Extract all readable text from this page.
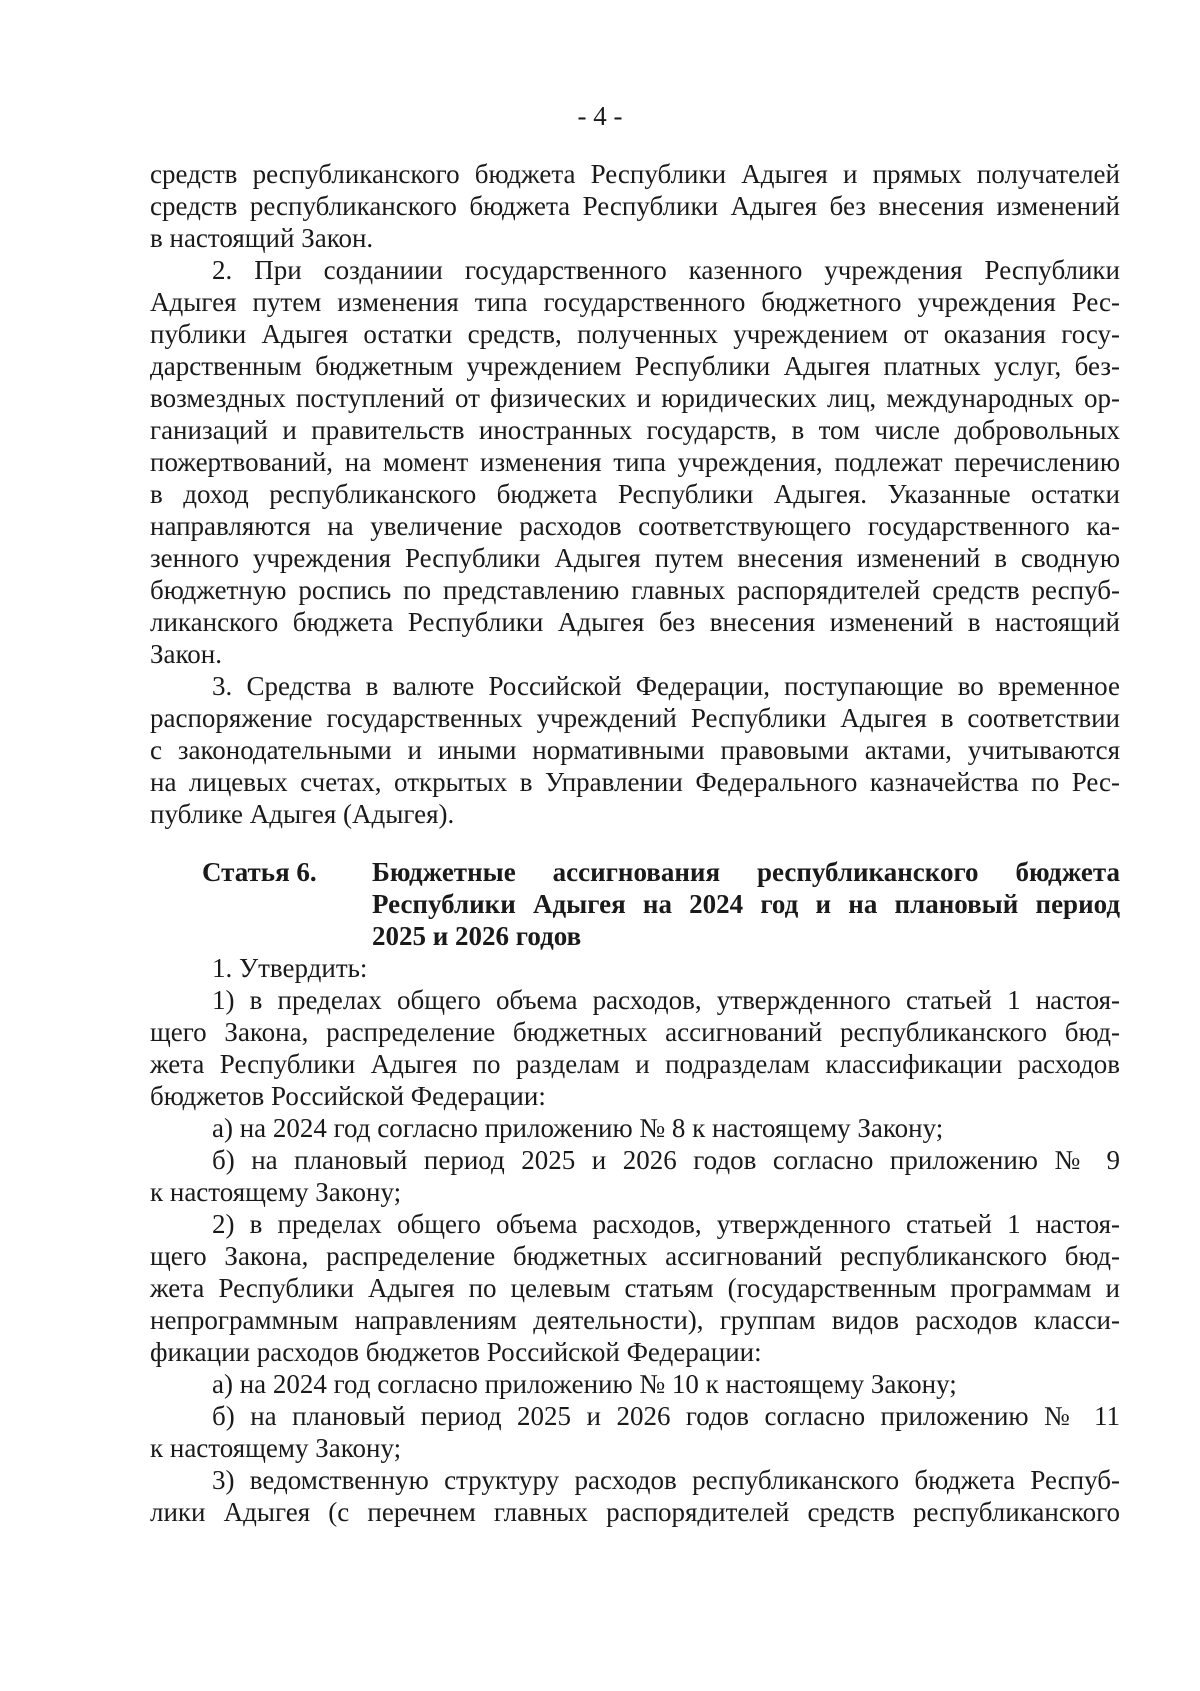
- 4 -
средств республиканского бюджета Республики Адыгея и прямых получателей
средств республиканского бюджета Республики Адыгея без внесения изменений
в настоящий Закон.
2. При созданиии государственного казенного учреждения Республики
Адыгея путем изменения типа государственного бюджетного учреждения Рес-
публики Адыгея остатки средств, полученных учреждением от оказания госу-
дарственным бюджетным учреждением Республики Адыгея платных услуг, без-
возмездных поступлений от физических и юридических лиц, международных ор-
ганизаций и правительств иностранных государств, в том числе добровольных
пожертвований, на момент изменения типа учреждения, подлежат перечислению
в доход республиканского бюджета Республики Адыгея. Указанные остатки
направляются на увеличение расходов соответствующего государственного ка-
зенного учреждения Республики Адыгея путем внесения изменений в сводную
бюджетную роспись по представлению главных распорядителей средств респуб-
ликанского бюджета Республики Адыгея без внесения изменений в настоящий
Закон.
3. Средства в валюте Российской Федерации, поступающие во временное
распоряжение государственных учреждений Республики Адыгея в соответствии
с законодательными и иными нормативными правовыми актами, учитываются
на лицевых счетах, открытых в Управлении Федерального казначейства по Рес-
публике Адыгея (Адыгея).
Статья 6.	Бюджетные ассигнования республиканского бюджета
Республики Адыгея на 2024 год и на плановый период
2025 и 2026 годов
1. Утвердить:
1) в пределах общего объема расходов, утвержденного статьей 1 настоя-
щего Закона, распределение бюджетных ассигнований республиканского бюд-
жета Республики Адыгея по разделам и подразделам классификации расходов
бюджетов Российской Федерации:
а) на 2024 год согласно приложению № 8 к настоящему Закону;
б) на плановый период 2025 и 2026 годов согласно приложению № 9
к настоящему Закону;
2) в пределах общего объема расходов, утвержденного статьей 1 настоя-
щего Закона, распределение бюджетных ассигнований республиканского бюд-
жета Республики Адыгея по целевым статьям (государственным программам и
непрограммным направлениям деятельности), группам видов расходов класси-
фикации расходов бюджетов Российской Федерации:
а) на 2024 год согласно приложению № 10 к настоящему Закону;
б) на плановый период 2025 и 2026 годов согласно приложению № 11
к настоящему Закону;
3) ведомственную структуру расходов республиканского бюджета Респуб-
лики Адыгея (с перечнем главных распорядителей средств республиканского
